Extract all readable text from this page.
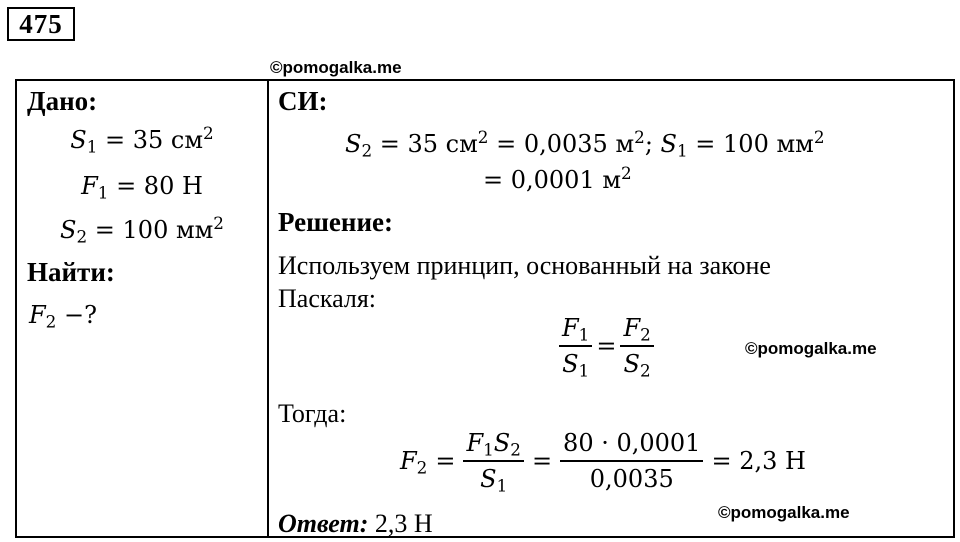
475
©pomogalka.me
©pomogalka.me
©pomogalka.me
Дано:
$S_1 = 35$ $см^2$
$F_1 = 80$ Н
$S_2 = 100$ $мм^2$
Найти:
$F_2$ −?
СИ:
$S_2 = 35$ $см^2 = 0,0035$ $м^2$; $S_1 = 100$ $мм^2$
= 0,0001 $м^2$
Решение:
Используем принцип, основанный на законе
Паскаля:
$\frac{F_1}{S_1} = \frac{F_2}{S_2}$
Тогда:
$F_2 = \frac{F_1S_2}{S_1} = \frac{80 \cdot 0,0001}{0,0035} = 2,3$ Н
Ответ: 2,3 Н
